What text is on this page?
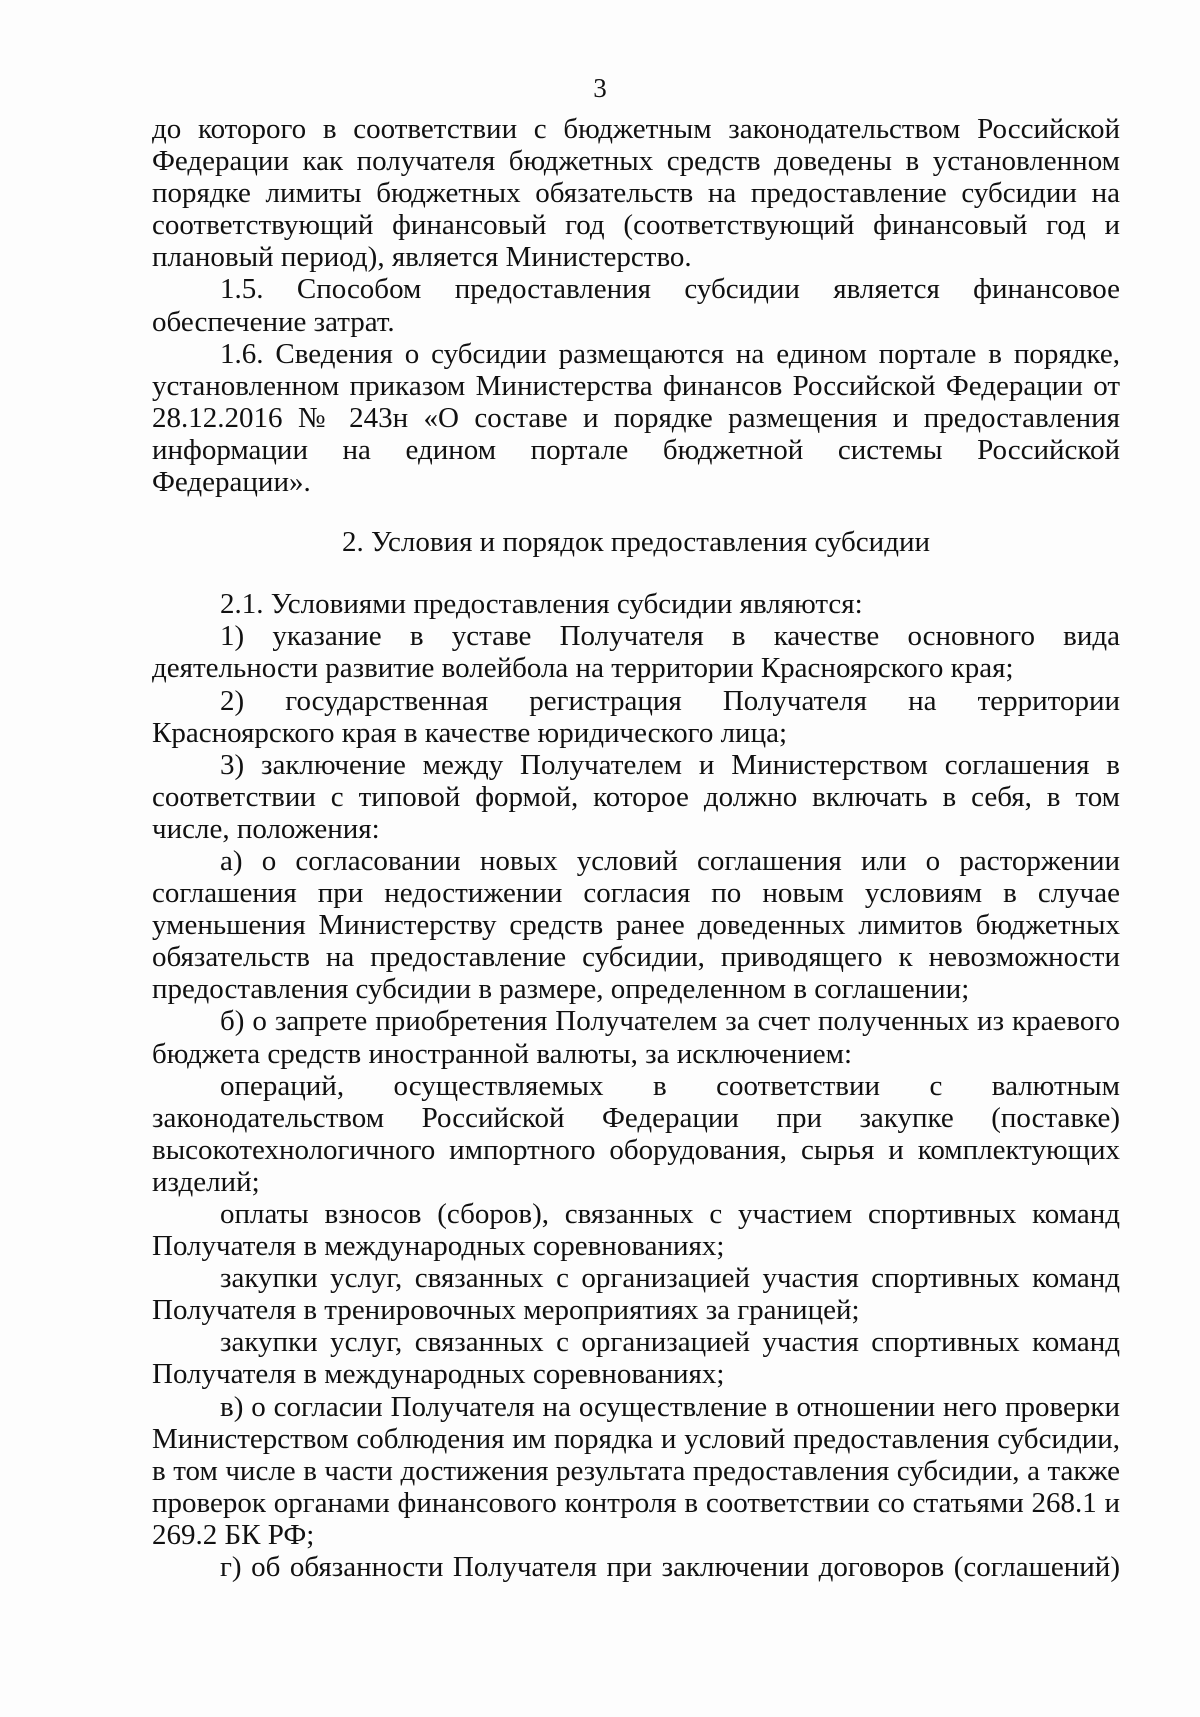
3

до которого в соответствии с бюджетным законодательством Российской Федерации как получателя бюджетных средств доведены в установленном порядке лимиты бюджетных обязательств на предоставление субсидии на соответствующий финансовый год (соответствующий финансовый год и плановый период), является Министерство.

1.5. Способом предоставления субсидии является финансовое обеспечение затрат.

1.6. Сведения о субсидии размещаются на едином портале в порядке, установленном приказом Министерства финансов Российской Федерации от 28.12.2016 № 243н «О составе и порядке размещения и предоставления информации на едином портале бюджетной системы Российской Федерации».

2. Условия и порядок предоставления субсидии

2.1. Условиями предоставления субсидии являются:

1) указание в уставе Получателя в качестве основного вида деятельности развитие волейбола на территории Красноярского края;

2) государственная регистрация Получателя на территории Красноярского края в качестве юридического лица;

3) заключение между Получателем и Министерством соглашения в соответствии с типовой формой, которое должно включать в себя, в том числе, положения:

а) о согласовании новых условий соглашения или о расторжении соглашения при недостижении согласия по новым условиям в случае уменьшения Министерству средств ранее доведенных лимитов бюджетных обязательств на предоставление субсидии, приводящего к невозможности предоставления субсидии в размере, определенном в соглашении;

б) о запрете приобретения Получателем за счет полученных из краевого бюджета средств иностранной валюты, за исключением:

операций, осуществляемых в соответствии с валютным законодательством Российской Федерации при закупке (поставке) высокотехнологичного импортного оборудования, сырья и комплектующих изделий;

оплаты взносов (сборов), связанных с участием спортивных команд Получателя в международных соревнованиях;

закупки услуг, связанных с организацией участия спортивных команд Получателя в тренировочных мероприятиях за границей;

закупки услуг, связанных с организацией участия спортивных команд Получателя в международных соревнованиях;

в) о согласии Получателя на осуществление в отношении него проверки Министерством соблюдения им порядка и условий предоставления субсидии, в том числе в части достижения результата предоставления субсидии, а также проверок органами финансового контроля в соответствии со статьями 268.1 и 269.2 БК РФ;

г) об обязанности Получателя при заключении договоров (соглашений)
